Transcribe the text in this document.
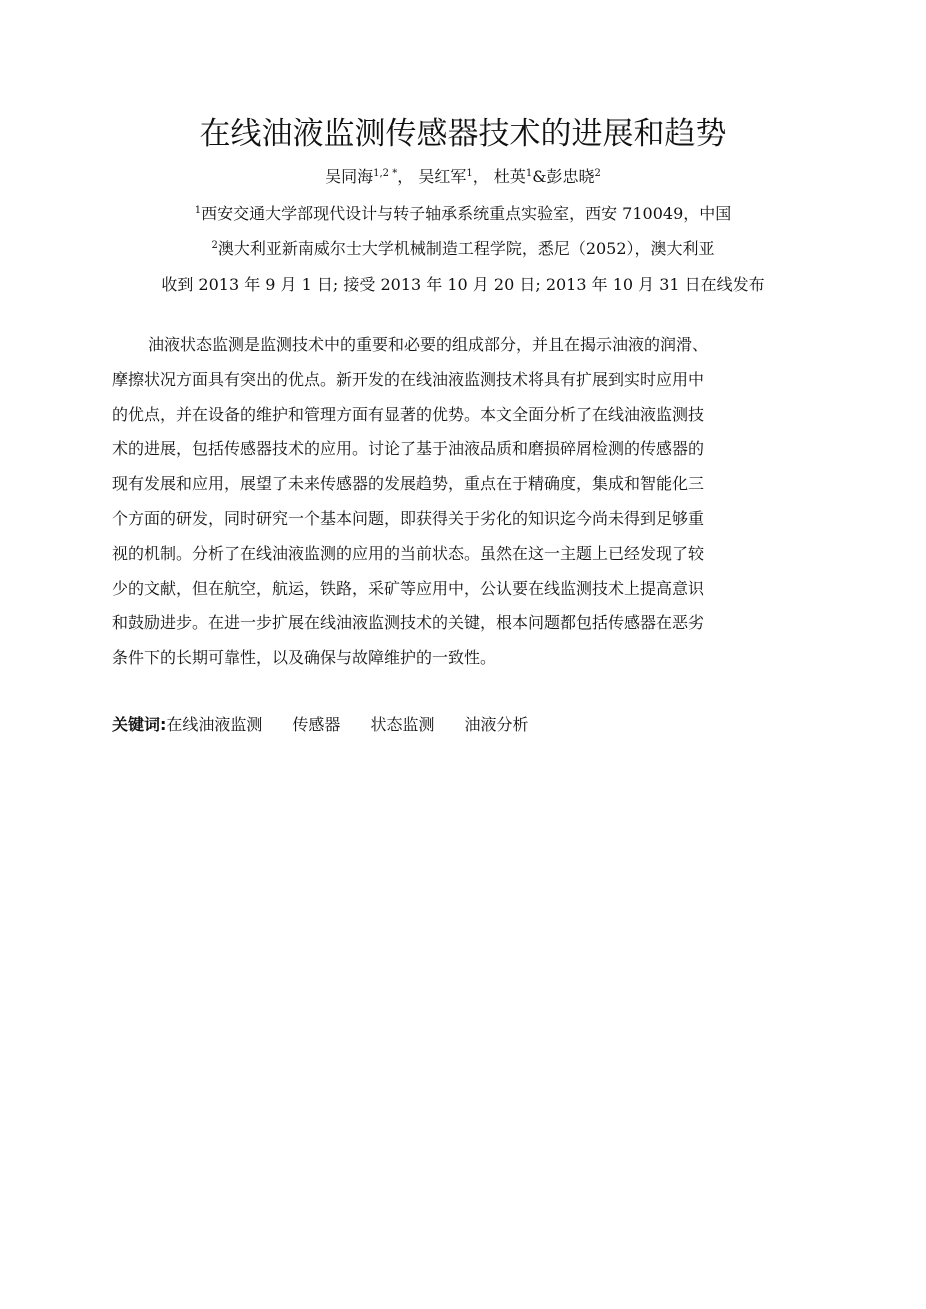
在线油液监测传感器技术的进展和趋势
吴同海$^{1,2 *}$， 吴红军$^1$， 杜英$^1$&彭忠晓$^2$
$^1$西安交通大学部现代设计与转子轴承系统重点实验室，西安 710049，中国
$^2$澳大利亚新南威尔士大学机械制造工程学院，悉尼（2052），澳大利亚
收到 2013 年 9 月 1 日; 接受 2013 年 10 月 20 日; 2013 年 10 月 31 日在线发布
油液状态监测是监测技术中的重要和必要的组成部分，并且在揭示油液的润滑、
摩擦状况方面具有突出的优点。新开发的在线油液监测技术将具有扩展到实时应用中
的优点，并在设备的维护和管理方面有显著的优势。本文全面分析了在线油液监测技
术的进展，包括传感器技术的应用。讨论了基于油液品质和磨损碎屑检测的传感器的
现有发展和应用，展望了未来传感器的发展趋势，重点在于精确度，集成和智能化三
个方面的研发，同时研究一个基本问题，即获得关于劣化的知识迄今尚未得到足够重
视的机制。分析了在线油液监测的应用的当前状态。虽然在这一主题上已经发现了较
少的文献，但在航空，航运，铁路，采矿等应用中，公认要在线监测技术上提高意识
和鼓励进步。在进一步扩展在线油液监测技术的关键，根本问题都包括传感器在恶劣
条件下的长期可靠性，以及确保与故障维护的一致性。
关键词:在线油液监测 传感器 状态监测 油液分析
